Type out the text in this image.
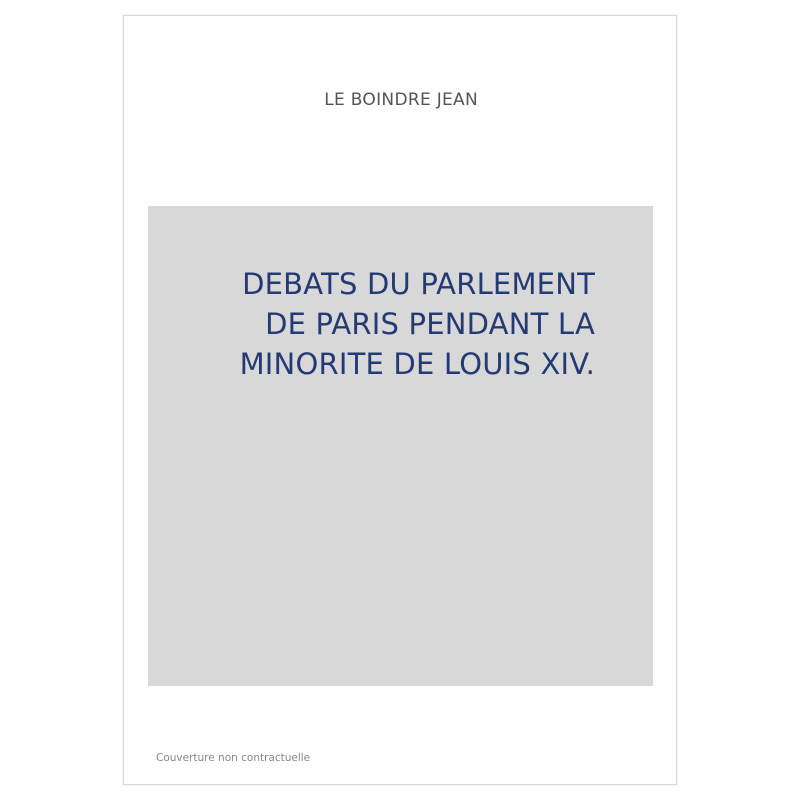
LE BOINDRE JEAN
DEBATS DU PARLEMENT
DE PARIS PENDANT LA
MINORITE DE LOUIS XIV.
Couverture non contractuelle
